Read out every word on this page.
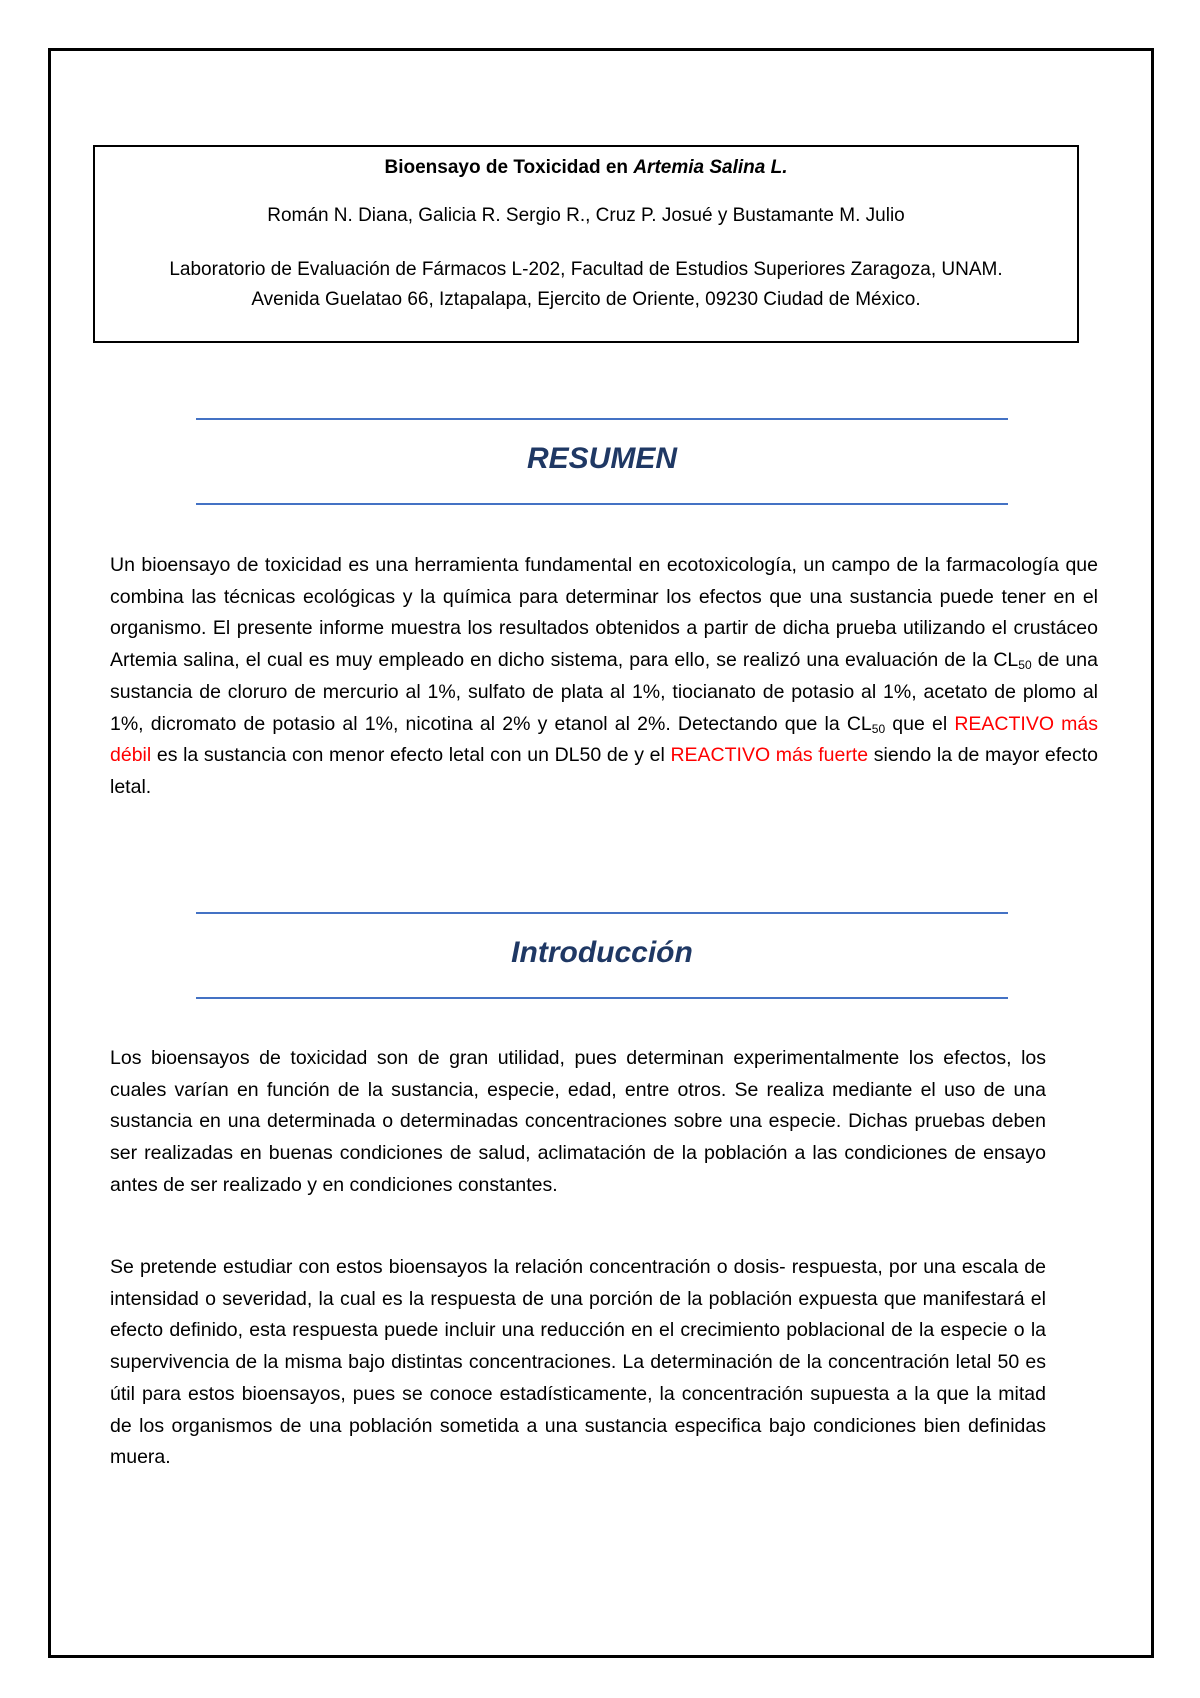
Bioensayo de Toxicidad en Artemia Salina L.
Román N. Diana, Galicia R. Sergio R., Cruz P. Josué y Bustamante M. Julio
Laboratorio de Evaluación de Fármacos L-202, Facultad de Estudios Superiores Zaragoza, UNAM.
Avenida Guelatao 66, Iztapalapa, Ejercito de Oriente, 09230 Ciudad de México.
RESUMEN

Un bioensayo de toxicidad es una herramienta fundamental en ecotoxicología, un campo de la farmacología que combina las técnicas ecológicas y la química para determinar los efectos que una sustancia puede tener en el organismo. El presente informe muestra los resultados obtenidos a partir de dicha prueba utilizando el crustáceo Artemia salina, el cual es muy empleado en dicho sistema, para ello, se realizó una evaluación de la $CL_{50}$ de una sustancia de cloruro de mercurio al 1%, sulfato de plata al 1%, tiocianato de potasio al 1%, acetato de plomo al 1%, dicromato de potasio al 1%, nicotina al 2% y etanol al 2%. Detectando que la $CL_{50}$ que el REACTIVO más débil es la sustancia con menor efecto letal con un DL50 de y el REACTIVO más fuerte siendo la de mayor efecto letal.

Introducción

Los bioensayos de toxicidad son de gran utilidad, pues determinan experimentalmente los efectos, los cuales varían en función de la sustancia, especie, edad, entre otros. Se realiza mediante el uso de una sustancia en una determinada o determinadas concentraciones sobre una especie. Dichas pruebas deben ser realizadas en buenas condiciones de salud, aclimatación de la población a las condiciones de ensayo antes de ser realizado y en condiciones constantes.

Se pretende estudiar con estos bioensayos la relación concentración o dosis- respuesta, por una escala de intensidad o severidad, la cual es la respuesta de una porción de la población expuesta que manifestará el efecto definido, esta respuesta puede incluir una reducción en el crecimiento poblacional de la especie o la supervivencia de la misma bajo distintas concentraciones. La determinación de la concentración letal 50 es útil para estos bioensayos, pues se conoce estadísticamente, la concentración supuesta a la que la mitad de los organismos de una población sometida a una sustancia especifica bajo condiciones bien definidas muera.
